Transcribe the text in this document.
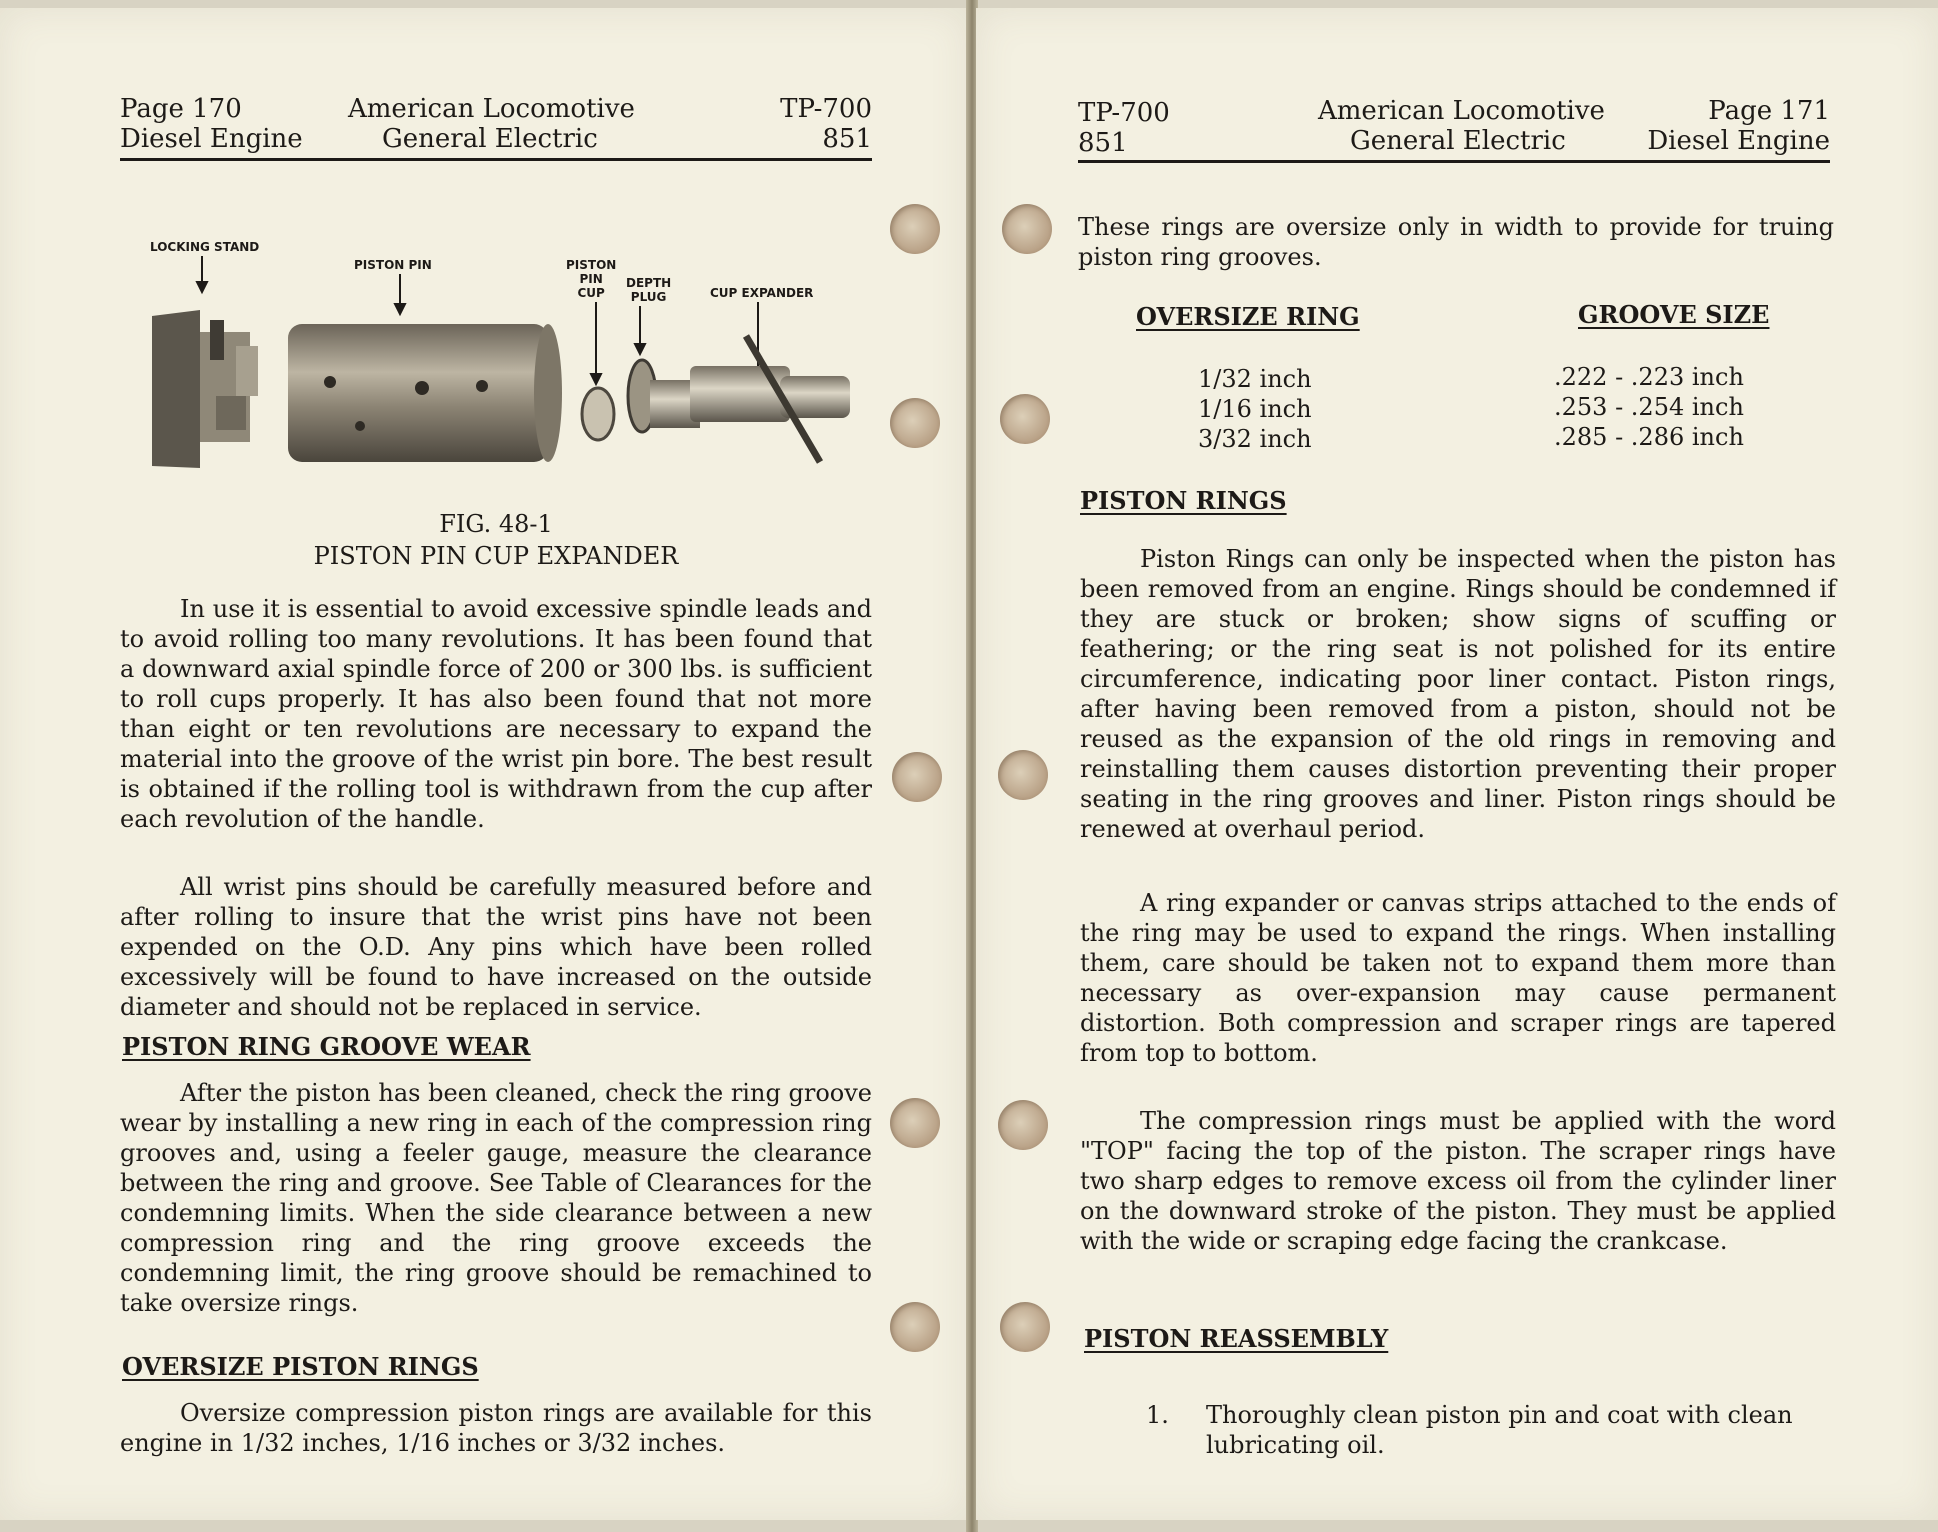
Page 170
Diesel Engine
American Locomotive
General Electric
TP-700
851
LOCKING STAND
PISTON PIN	PISTON
PIN
CUP
DEPTH
PLUG	CUP EXPANDER
FIG. 48-1
PISTON PIN CUP EXPANDER

In use it is essential to avoid excessive spindle leads and to avoid rolling too many revolutions. It has been found that a downward axial spindle force of 200 or 300 lbs. is sufficient to roll cups properly. It has also been found that not more than eight or ten revolutions are necessary to expand the material into the groove of the wrist pin bore. The best result is obtained if the rolling tool is withdrawn from the cup after each revolution of the handle.

All wrist pins should be carefully measured before and after rolling to insure that the wrist pins have not been expended on the O.D. Any pins which have been rolled excessively will be found to have increased on the outside diameter and should not be replaced in service.

PISTON RING GROOVE WEAR

After the piston has been cleaned, check the ring groove wear by installing a new ring in each of the compression ring grooves and, using a feeler gauge, measure the clearance between the ring and groove. See Table of Clearances for the condemning limits. When the side clearance between a new compression ring and the ring groove exceeds the condemning limit, the ring groove should be remachined to take oversize rings.

OVERSIZE PISTON RINGS

Oversize compression piston rings are available for this engine in 1/32 inches, 1/16 inches or 3/32 inches.

TP-700
851
American Locomotive
General Electric
Page 171
Diesel Engine

These rings are oversize only in width to provide for truing piston ring grooves.

OVERSIZE RING	GROOVE SIZE
1/32 inch	.222 - .223 inch
1/16 inch	.253 - .254 inch
3/32 inch	.285 - .286 inch
PISTON RINGS

Piston Rings can only be inspected when the piston has been removed from an engine. Rings should be condemned if they are stuck or broken; show signs of scuffing or feathering; or the ring seat is not polished for its entire circumference, indicating poor liner contact. Piston rings, after having been removed from a piston, should not be reused as the expansion of the old rings in removing and reinstalling them causes distortion preventing their proper seating in the ring grooves and liner. Piston rings should be renewed at overhaul period.

A ring expander or canvas strips attached to the ends of the ring may be used to expand the rings. When installing them, care should be taken not to expand them more than necessary as over-expansion may cause permanent distortion. Both compression and scraper rings are tapered from top to bottom.

The compression rings must be applied with the word "TOP" facing the top of the piston. The scraper rings have two sharp edges to remove excess oil from the cylinder liner on the downward stroke of the piston. They must be applied with the wide or scraping edge facing the crankcase.

PISTON REASSEMBLY
1. Thoroughly clean piston pin and coat with clean lubricating oil.
